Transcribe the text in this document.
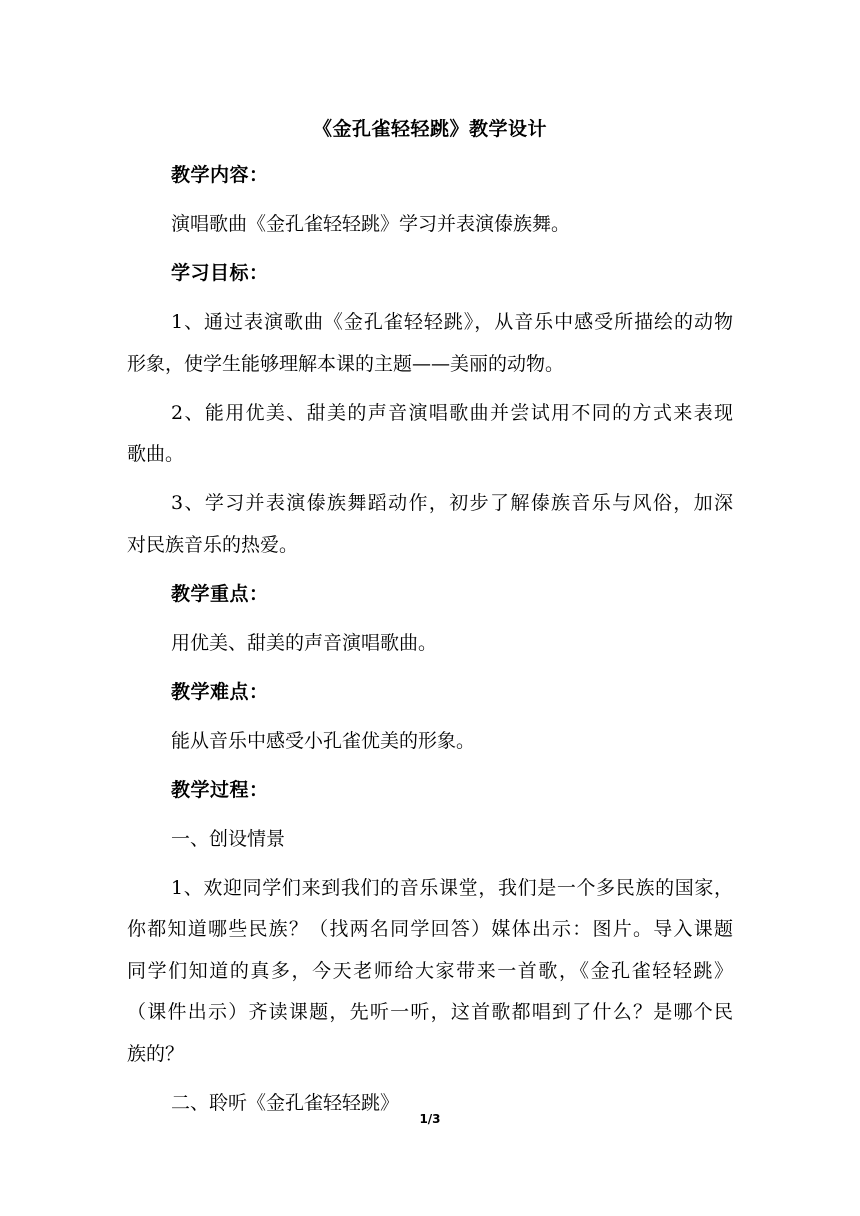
《金孔雀轻轻跳》教学设计
教学内容：
演唱歌曲《金孔雀轻轻跳》学习并表演傣族舞。
学习目标：
1、通过表演歌曲《金孔雀轻轻跳》，从音乐中感受所描绘的动物
形象，使学生能够理解本课的主题——美丽的动物。
2、能用优美、甜美的声音演唱歌曲并尝试用不同的方式来表现
歌曲。
3、学习并表演傣族舞蹈动作，初步了解傣族音乐与风俗，加深
对民族音乐的热爱。
教学重点：
用优美、甜美的声音演唱歌曲。
教学难点：
能从音乐中感受小孔雀优美的形象。
教学过程：
一、创设情景
1、欢迎同学们来到我们的音乐课堂，我们是一个多民族的国家，
你都知道哪些民族？（找两名同学回答）媒体出示：图片。导入课题
同学们知道的真多，今天老师给大家带来一首歌，《金孔雀轻轻跳》
（课件出示）齐读课题，先听一听，这首歌都唱到了什么？是哪个民
族的？
二、聆听《金孔雀轻轻跳》
1/3
